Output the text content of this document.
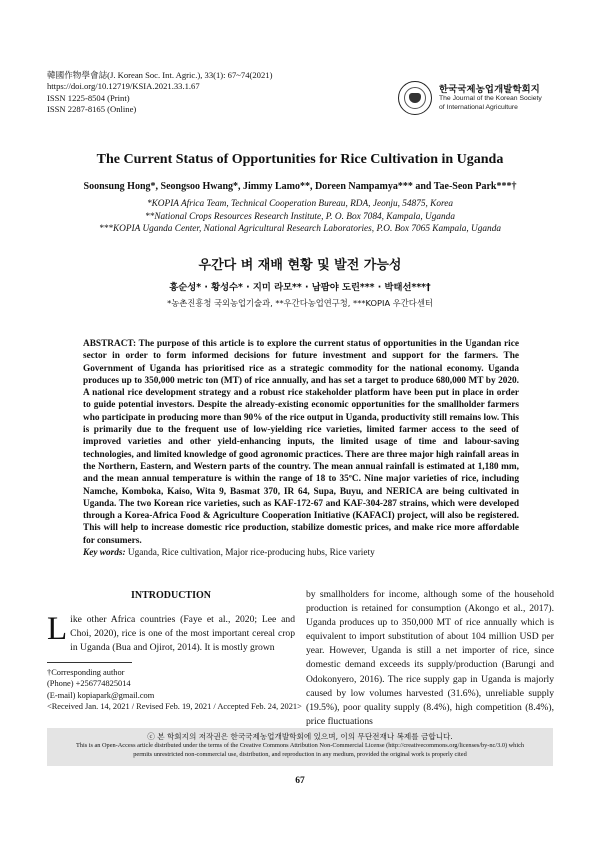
韓國作物學會誌(J. Korean Soc. Int. Agric.), 33(1): 67~74(2021)
https://doi.org/10.12719/KSIA.2021.33.1.67
ISSN 1225-8504 (Print)
ISSN 2287-8165 (Online)
한국국제농업개발학회지
The Journal of the Korean Society
of International Agriculture
The Current Status of Opportunities for Rice Cultivation in Uganda
Soonsung Hong*, Seongsoo Hwang*, Jimmy Lamo**, Doreen Nampamya*** and Tae-Seon Park***†
*KOPIA Africa Team, Technical Cooperation Bureau, RDA, Jeonju, 54875, Korea
**National Crops Resources Research Institute, P. O. Box 7084, Kampala, Uganda
***KOPIA Uganda Center, National Agricultural Research Laboratories, P.O. Box 7065 Kampala, Uganda
우간다 벼 재배 현황 및 발전 가능성
홍순성* · 황성수* · 지미 라모** · 남팜야 도린*** · 박태선***†
*농촌진흥청 국외농업기술과, **우간다농업연구청, ***KOPIA 우간다센터

ABSTRACT: The purpose of this article is to explore the current status of opportunities in the Ugandan rice sector in order to form informed decisions for future investment and support for the farmers. The Government of Uganda has prioritised rice as a strategic commodity for the national economy. Uganda produces up to 350,000 metric ton (MT) of rice annually, and has set a target to produce 680,000 MT by 2020. A national rice development strategy and a robust rice stakeholder platform have been put in place in order to guide potential investors. Despite the already-existing economic opportunities for the smallholder farmers who participate in producing more than 90% of the rice output in Uganda, productivity still remains low. This is primarily due to the frequent use of low-yielding rice varieties, limited farmer access to the seed of improved varieties and other yield-enhancing inputs, the limited usage of time and labour-saving technologies, and limited knowledge of good agronomic practices. There are three major high rainfall areas in the Northern, Eastern, and Western parts of the country. The mean annual rainfall is estimated at 1,180 mm, and the mean annual temperature is within the range of 18 to 35ºC. Nine major varieties of rice, including Namche, Komboka, Kaiso, Wita 9, Basmat 370, IR 64, Supa, Buyu, and NERICA are being cultivated in Uganda. The two Korean rice varieties, such as KAF-172-67 and KAF-304-287 strains, which were developed through a Korea-Africa Food & Agriculture Cooperation Initiative (KAFACI) project, will also be registered. This will help to increase domestic rice production, stabilize domestic prices, and make rice more affordable for consumers.

Key words: Uganda, Rice cultivation, Major rice-producing hubs, Rice variety

INTRODUCTION

Like other Africa countries (Faye et al., 2020; Lee and Choi, 2020), rice is one of the most important cereal crop in Uganda (Bua and Ojirot, 2014). It is mostly grown

by smallholders for income, although some of the household production is retained for consumption (Akongo et al., 2017). Uganda produces up to 350,000 MT of rice annually which is equivalent to import substitution of about 104 million USD per year. However, Uganda is still a net importer of rice, since domestic demand exceeds its supply/production (Barungi and Odokonyero, 2016). The rice supply gap in Uganda is majorly caused by low volumes harvested (31.6%), unreliable supply (19.5%), poor quality supply (8.4%), high competition (8.4%), price fluctuations

†Corresponding author
(Phone) +256774825014
(E-mail) kopiapark@gmail.com
<Received Jan. 14, 2021 / Revised Feb. 19, 2021 / Accepted Feb. 24, 2021>
ⓒ 본 학회지의 저작권은 한국국제농업개발학회에 있으며, 이의 무단전재나 복제를 금합니다.
This is an Open-Access article distributed under the terms of the Creative Commons Attribution Non-Commercial License (http://creativecommons.org/licenses/by-nc/3.0) which
permits unrestricted non-commercial use, distribution, and reproduction in any medium, provided the original work is properly cited
67
